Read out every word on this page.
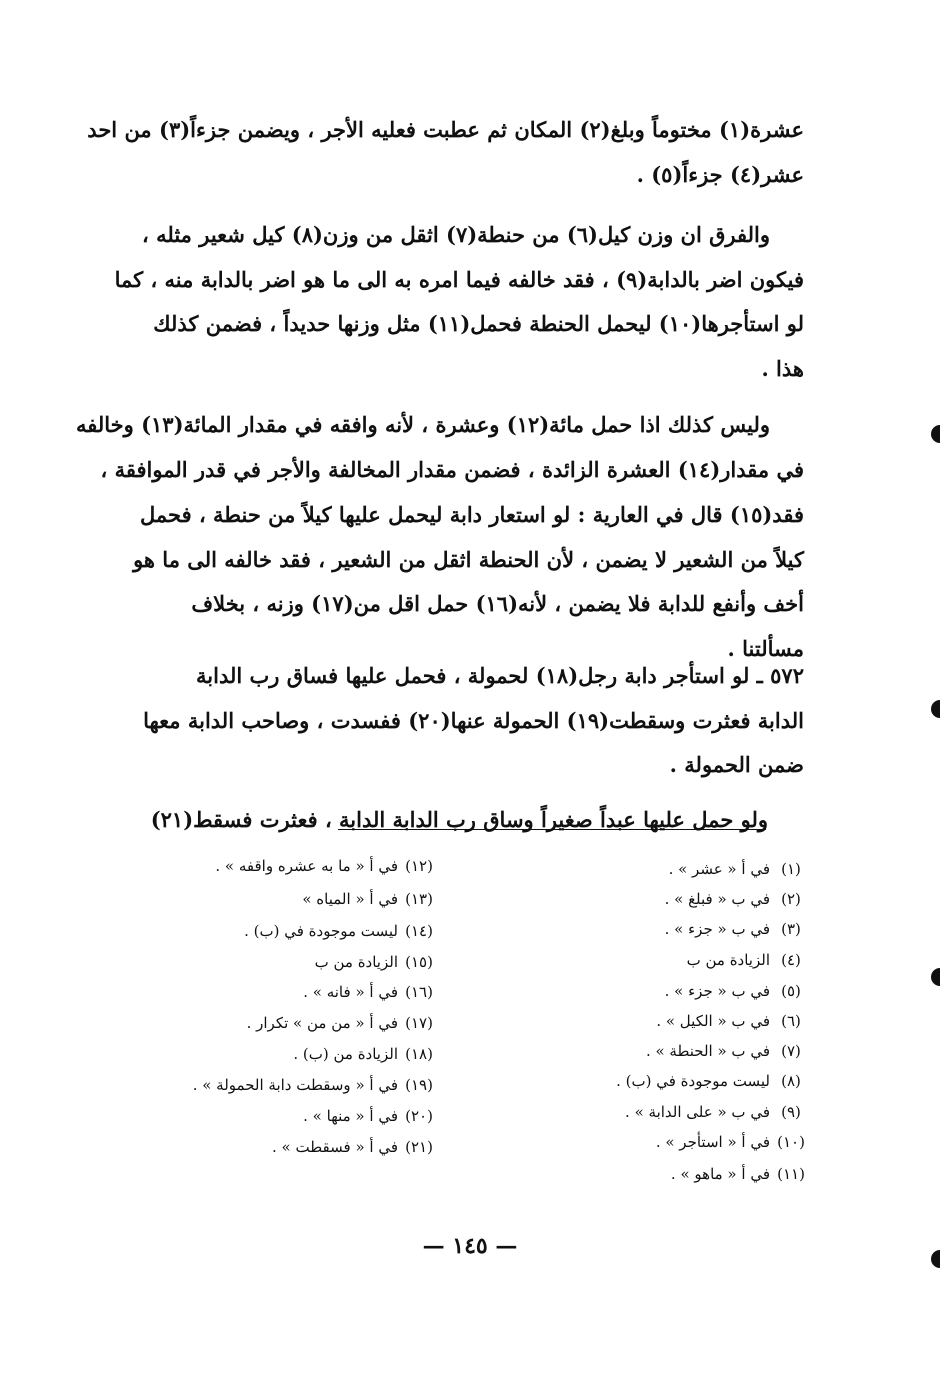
عشرة(١) مختوماً وبلغ(٢) المكان ثم عطبت فعليه الأجر ، ويضمن جزءاً(٣) من احد
عشر(٤) جزءاً(٥) .
والفرق ان وزن كيل(٦) من حنطة(٧) اثقل من وزن(٨) كيل شعير مثله ،
فيكون اضر بالدابة(٩) ، فقد خالفه فيما امره به الى ما هو اضر بالدابة منه ، كما
لو استأجرها(١٠) ليحمل الحنطة فحمل(١١) مثل وزنها حديداً ، فضمن كذلك
هذا .
وليس كذلك اذا حمل مائة(١٢) وعشرة ، لأنه وافقه في مقدار المائة(١٣) وخالفه
في مقدار(١٤) العشرة الزائدة ، فضمن مقدار المخالفة والأجر في قدر الموافقة ،
فقد(١٥) قال في العارية : لو استعار دابة ليحمل عليها كيلاً من حنطة ، فحمل
كيلاً من الشعير لا يضمن ، لأن الحنطة اثقل من الشعير ، فقد خالفه الى ما هو
أخف وأنفع للدابة فلا يضمن ، لأنه(١٦) حمل اقل من(١٧) وزنه ، بخلاف
مسألتنا .
٥٧٢ ـ لو استأجر دابة رجل(١٨) لحمولة ، فحمل عليها فساق رب الدابة
الدابة فعثرت وسقطت(١٩) الحمولة عنها(٢٠) ففسدت ، وصاحب الدابة معها
ضمن الحمولة .
ولو حمل عليها عبداً صغيراً وساق رب الدابة الدابة ، فعثرت فسقط(٢١)
(١)في أ « عشر » .
(٢)في ب « فبلغ » .
(٣)في ب « جزء » .
(٤)الزيادة من ب
(٥)في ب « جزء » .
(٦)في ب « الكيل » .
(٧)في ب « الحنطة » .
(٨)ليست موجودة في (ب) .
(٩)في ب « على الدابة » .
(١٠)في أ « استأجر » .
(١١)في أ « ماهو » .
(١٢)في أ « ما به عشره واقفه » .
(١٣)في أ « المياه »
(١٤)ليست موجودة في (ب) .
(١٥)الزيادة من ب
(١٦)في أ « فانه » .
(١٧)في أ « من من » تكرار .
(١٨)الزيادة من (ب) .
(١٩)في أ « وسقطت دابة الحمولة » .
(٢٠)في أ « منها » .
(٢١)في أ « فسقطت » .
— ١٤٥ —
